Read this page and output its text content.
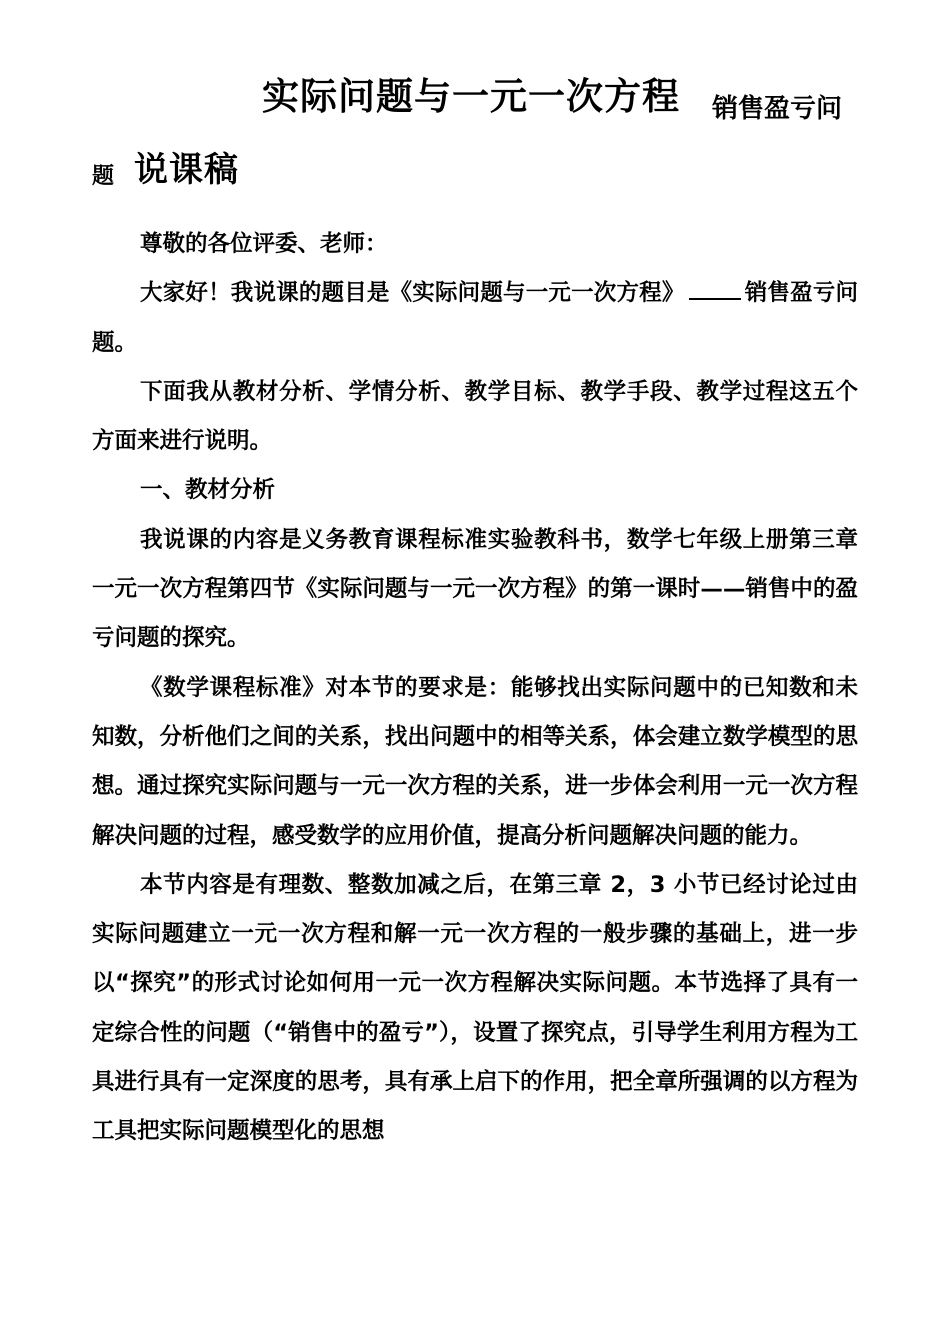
实际问题与一元一次方程 销售盈亏问
题 说课稿

尊敬的各位评委、老师：

大家好！我说课的题目是《实际问题与一元一次方程》	销售盈亏问题。

下面我从教材分析、学情分析、教学目标、教学手段、教学过程这五个方面来进行说明。

一、教材分析

我说课的内容是义务教育课程标准实验教科书，数学七年级上册第三章一元一次方程第四节《实际问题与一元一次方程》的第一课时——销售中的盈亏问题的探究。

《数学课程标准》对本节的要求是：能够找出实际问题中的已知数和未知数，分析他们之间的关系，找出问题中的相等关系，体会建立数学模型的思想。通过探究实际问题与一元一次方程的关系，进一步体会利用一元一次方程解决问题的过程，感受数学的应用价值，提高分析问题解决问题的能力。

本节内容是有理数、整数加减之后，在第三章 2，3 小节已经讨论过由实际问题建立一元一次方程和解一元一次方程的一般步骤的基础上，进一步以“探究”的形式讨论如何用一元一次方程解决实际问题。本节选择了具有一定综合性的问题（“销售中的盈亏”），设置了探究点，引导学生利用方程为工具进行具有一定深度的思考，具有承上启下的作用，把全章所强调的以方程为工具把实际问题模型化的思想
